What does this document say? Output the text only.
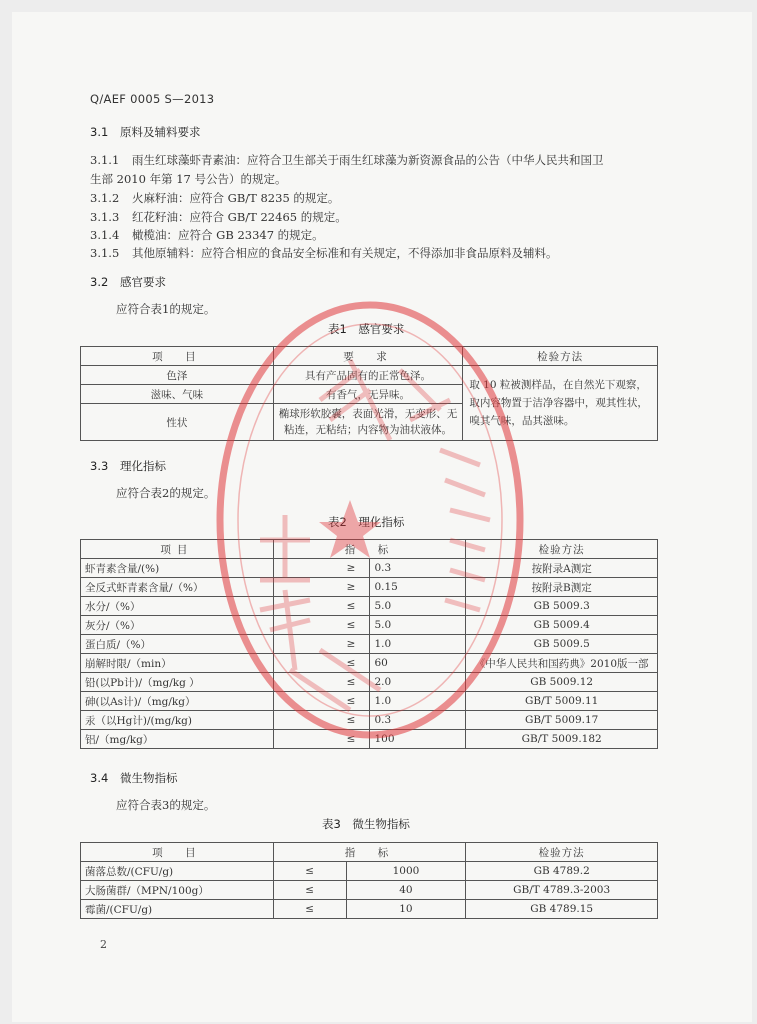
Q/AEF 0005 S—2013
3.1 原料及辅料要求
3.1.1 雨生红球藻虾青素油：应符合卫生部关于雨生红球藻为新资源食品的公告（中华人民共和国卫
生部 2010 年第 17 号公告）的规定。
3.1.2 火麻籽油：应符合 GB/T 8235 的规定。
3.1.3 红花籽油：应符合 GB/T 22465 的规定。
3.1.4 橄榄油：应符合 GB 23347 的规定。
3.1.5 其他原辅料：应符合相应的食品安全标准和有关规定，不得添加非食品原料及辅料。
3.2 感官要求
应符合表1的规定。
表1　感官要求
项　目	要　求	检验方法
色泽	具有产品固有的正常色泽。	取 10 粒被测样品，在自然光下观察，取内容物置于洁净容器中，观其性状，嗅其气味，品其滋味。
滋味、气味	有香气，无异味。	
性状	椭球形软胶囊，表面光滑，无变形、无粘连，无粘结；内容物为油状液体。	
3.3 理化指标
应符合表2的规定。
表2　理化指标
项目	指　标		检验方法
虾青素含量/(%)	≥	0.3	按附录A测定
全反式虾青素含量/（%）	≥	0.15	按附录B测定
水分/（%）	≤	5.0	GB 5009.3
灰分/（%）	≤	5.0	GB 5009.4
蛋白质/（%）	≥	1.0	GB 5009.5
崩解时限/（min）	≤	60	《中华人民共和国药典》2010版一部
铅(以Pb计)/（mg/kg ）	≤	2.0	GB 5009.12
砷(以As计)/（mg/kg）	≤	1.0	GB/T 5009.11
汞（以Hg计)/(mg/kg)	≤	0.3	GB/T 5009.17
铝/（mg/kg）	≤	100	GB/T 5009.182
3.4 微生物指标
应符合表3的规定。
表3　微生物指标
项　目	指　标		检验方法
菌落总数/(CFU/g)	≤	1000	GB 4789.2
大肠菌群/（MPN/100g）	≤	40	GB/T 4789.3-2003
霉菌/(CFU/g)	≤	10	GB 4789.15
2
